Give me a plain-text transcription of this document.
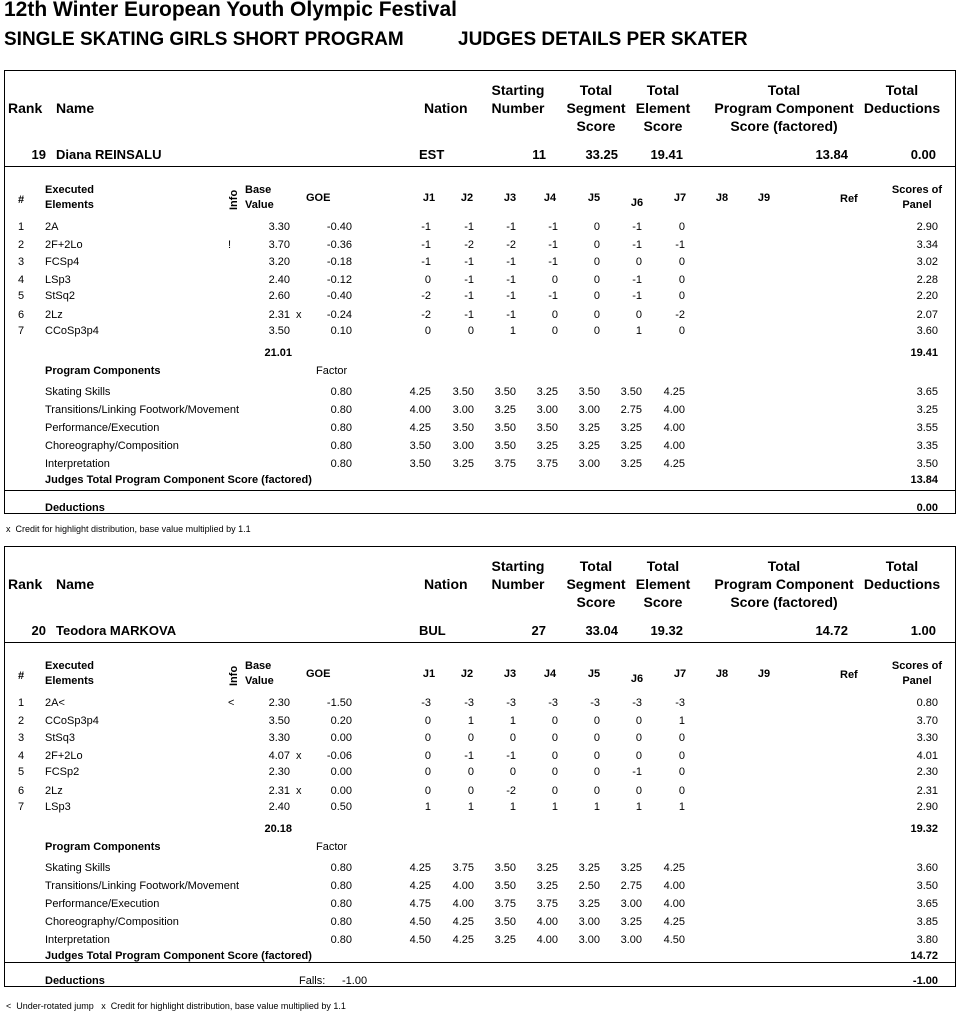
12th Winter European Youth Olympic Festival
SINGLE SKATING GIRLS SHORT PROGRAM	JUDGES DETAILS PER SKATER
Rank Name	Nation
Starting
Number
Total
Segment
Score
Total
Element
Score
Total
Program Component
Score (factored)
Total
Deductions
19 Diana REINSALU	EST	11	33.25	19.41	13.84	0.00
#
Executed
Elements	Info Base
Value
GOE	J1	J2	J3	J4	J5	J6	J7	J8	J9	Ref
Scores of
Panel
1 2A	3.30	-0.40	-1	-1	-1	-1	0	-1	0	2.90
2 2F+2Lo	!	3.70	-0.36	-1	-2	-2	-1	0	-1	-1	3.34
3 FCSp4	3.20	-0.18	-1	-1	-1	-1	0	0	0	3.02
4 LSp3	2.40	-0.12	0	-1	-1	0	0	-1	0	2.28
5 StSq2	2.60	-0.40	-2	-1	-1	-1	0	-1	0	2.20
6 2Lz	2.31 x	-0.24	-2	-1	-1	0	0	0	-2	2.07
7 CCoSp3p4	3.50	0.10	0	0	1	0	0	1	0	3.60
21.01	19.41
Program Components	Factor
Skating Skills	0.80	4.25	3.50	3.50	3.25	3.50	3.50	4.25	3.65
Transitions/Linking Footwork/Movement	0.80	4.00	3.00	3.25	3.00	3.00	2.75	4.00	3.25
Performance/Execution	0.80	4.25	3.50	3.50	3.50	3.25	3.25	4.00	3.55
Choreography/Composition	0.80	3.50	3.00	3.50	3.25	3.25	3.25	4.00	3.35
Interpretation	0.80	3.50	3.25	3.75	3.75	3.00	3.25	4.25	3.50
Judges Total Program Component Score (factored)	13.84
Deductions	0.00
x  Credit for highlight distribution, base value multiplied by 1.1
Rank Name	Nation
Starting
Number
Total
Segment
Score
Total
Element
Score
Total
Program Component
Score (factored)
Total
Deductions
20 Teodora MARKOVA	BUL	27	33.04	19.32	14.72	1.00
#
Executed
Elements	Info Base
Value
GOE	J1	J2	J3	J4	J5	J6	J7	J8	J9	Ref
Scores of
Panel
1 2A<	<	2.30	-1.50	-3	-3	-3	-3	-3	-3	-3	0.80
2 CCoSp3p4	3.50	0.20	0	1	1	0	0	0	1	3.70
3 StSq3	3.30	0.00	0	0	0	0	0	0	0	3.30
4 2F+2Lo	4.07 x	-0.06	0	-1	-1	0	0	0	0	4.01
5 FCSp2	2.30	0.00	0	0	0	0	0	-1	0	2.30
6 2Lz	2.31 x	0.00	0	0	-2	0	0	0	0	2.31
7 LSp3	2.40	0.50	1	1	1	1	1	1	1	2.90
20.18	19.32
Program Components	Factor
Skating Skills	0.80	4.25	3.75	3.50	3.25	3.25	3.25	4.25	3.60
Transitions/Linking Footwork/Movement	0.80	4.25	4.00	3.50	3.25	2.50	2.75	4.00	3.50
Performance/Execution	0.80	4.75	4.00	3.75	3.75	3.25	3.00	4.00	3.65
Choreography/Composition	0.80	4.50	4.25	3.50	4.00	3.00	3.25	4.25	3.85
Interpretation	0.80	4.50	4.25	3.25	4.00	3.00	3.00	4.50	3.80
Judges Total Program Component Score (factored)	14.72
Deductions	Falls: -1.00	-1.00
<  Under-rotated jump   x  Credit for highlight distribution, base value multiplied by 1.1
